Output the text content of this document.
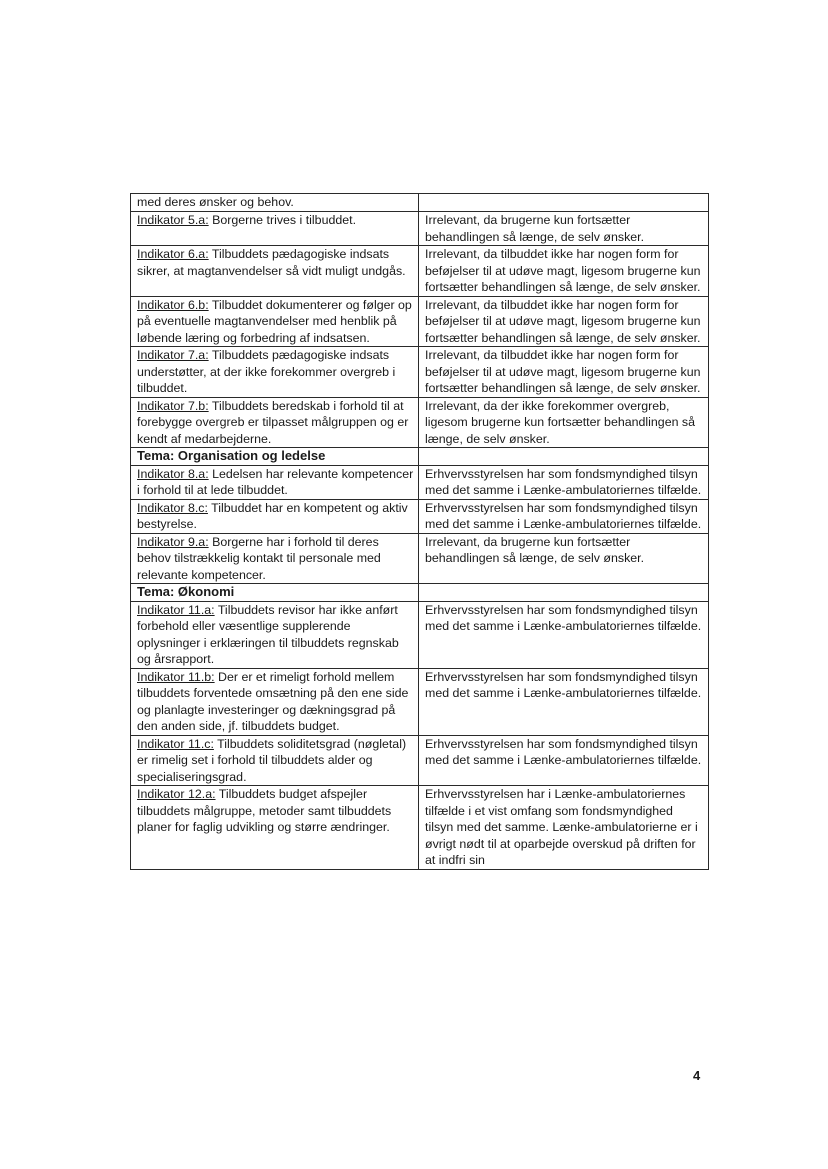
med deres ønsker og behov.	
Indikator 5.a: Borgerne trives i tilbuddet.	Irrelevant, da brugerne kun fortsætter behandlingen så længe, de selv ønsker.
Indikator 6.a: Tilbuddets pædagogiske indsats sikrer, at magtanvendelser så vidt muligt undgås.	Irrelevant, da tilbuddet ikke har nogen form for beføjelser til at udøve magt, ligesom brugerne kun fortsætter behandlingen så længe, de selv ønsker.
Indikator 6.b: Tilbuddet dokumenterer og følger op på eventuelle magtanvendelser med henblik på løbende læring og forbedring af indsatsen.	Irrelevant, da tilbuddet ikke har nogen form for beføjelser til at udøve magt, ligesom brugerne kun fortsætter behandlingen så længe, de selv ønsker.
Indikator 7.a: Tilbuddets pædagogiske indsats understøtter, at der ikke forekommer overgreb i tilbuddet.	Irrelevant, da tilbuddet ikke har nogen form for beføjelser til at udøve magt, ligesom brugerne kun fortsætter behandlingen så længe, de selv ønsker.
Indikator 7.b: Tilbuddets beredskab i forhold til at forebygge overgreb er tilpasset målgruppen og er kendt af medarbejderne.	Irrelevant, da der ikke forekommer overgreb, ligesom brugerne kun fortsætter behandlingen så længe, de selv ønsker.
Tema: Organisation og ledelse	
Indikator 8.a: Ledelsen har relevante kompetencer i forhold til at lede tilbuddet.	Erhvervsstyrelsen har som fondsmyndighed tilsyn med det samme i Lænke-ambulatoriernes tilfælde.
Indikator 8.c: Tilbuddet har en kompetent og aktiv bestyrelse.	Erhvervsstyrelsen har som fondsmyndighed tilsyn med det samme i Lænke-ambulatoriernes tilfælde.
Indikator 9.a: Borgerne har i forhold til deres behov tilstrækkelig kontakt til personale med relevante kompetencer.	Irrelevant, da brugerne kun fortsætter behandlingen så længe, de selv ønsker.
Tema: Økonomi	
Indikator 11.a: Tilbuddets revisor har ikke anført forbehold eller væsentlige supplerende oplysninger i erklæringen til tilbuddets regnskab og årsrapport.	Erhvervsstyrelsen har som fondsmyndighed tilsyn med det samme i Lænke-ambulatoriernes tilfælde.
Indikator 11.b: Der er et rimeligt forhold mellem tilbuddets forventede omsætning på den ene side og planlagte investeringer og dækningsgrad på den anden side, jf. tilbuddets budget.	Erhvervsstyrelsen har som fondsmyndighed tilsyn med det samme i Lænke-ambulatoriernes tilfælde.
Indikator 11.c: Tilbuddets soliditetsgrad (nøgletal) er rimelig set i forhold til tilbuddets alder og specialiseringsgrad.	Erhvervsstyrelsen har som fondsmyndighed tilsyn med det samme i Lænke-ambulatoriernes tilfælde.
Indikator 12.a: Tilbuddets budget afspejler tilbuddets målgruppe, metoder samt tilbuddets planer for faglig udvikling og større ændringer.	Erhvervsstyrelsen har i Lænke-ambulatoriernes tilfælde i et vist omfang som fondsmyndighed tilsyn med det samme. Lænke-ambulatorierne er i øvrigt nødt til at oparbejde overskud på driften for at indfri sin
4
